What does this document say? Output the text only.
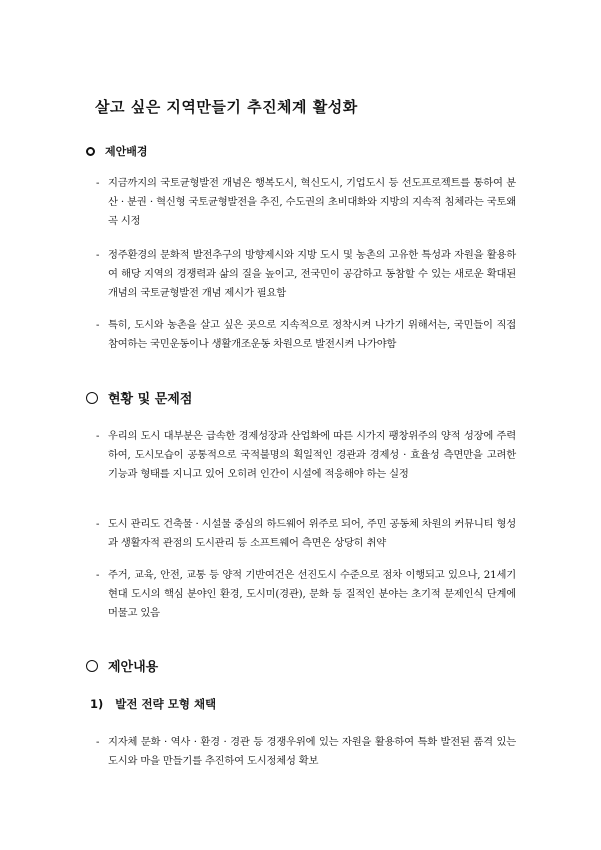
살고 싶은 지역만들기 추진체계 활성화
제안배경

- 지금까지의 국토균형발전 개념은 행복도시, 혁신도시, 기업도시 등 선도프로젝트를 통하여 분산 · 분권 · 혁신형 국토균형발전을 추진, 수도권의 초비대화와 지방의 지속적 침체라는 국토왜곡 시정

- 정주환경의 문화적 발전추구의 방향제시와 지방 도시 및 농촌의 고유한 특성과 자원을 활용하여 해당 지역의 경쟁력과 삶의 질을 높이고, 전국민이 공감하고 동참할 수 있는 새로운 확대된 개념의 국토균형발전 개념 제시가 필요함

- 특히, 도시와 농촌을 살고 싶은 곳으로 지속적으로 정착시켜 나가기 위해서는, 국민들이 직접 참여하는 국민운동이나 생활개조운동 차원으로 발전시켜 나가야함

현황 및 문제점

- 우리의 도시 대부분은 급속한 경제성장과 산업화에 따른 시가지 팽창위주의 양적 성장에 주력하여, 도시모습이 공통적으로 국적불명의 획일적인 경관과 경제성 · 효율성 측면만을 고려한 기능과 형태를 지니고 있어 오히려 인간이 시설에 적응해야 하는 실정

- 도시 관리도 건축물 · 시설물 중심의 하드웨어 위주로 되어, 주민 공동체 차원의 커뮤니티 형성과 생활자적 관점의 도시관리 등 소프트웨어 측면은 상당히 취약

- 주거, 교육, 안전, 교통 등 양적 기반여건은 선진도시 수준으로 점차 이행되고 있으나, 21세기 현대 도시의 핵심 분야인 환경, 도시미(경관), 문화 등 질적인 분야는 초기적 문제인식 단계에 머물고 있음

제안내용
1) 발전 전략 모형 채택

- 지자체 문화 · 역사 · 환경 · 경관 등 경쟁우위에 있는 자원을 활용하여 특화 발전된 품격 있는 도시와 마을 만들기를 추진하여 도시정체성 확보
